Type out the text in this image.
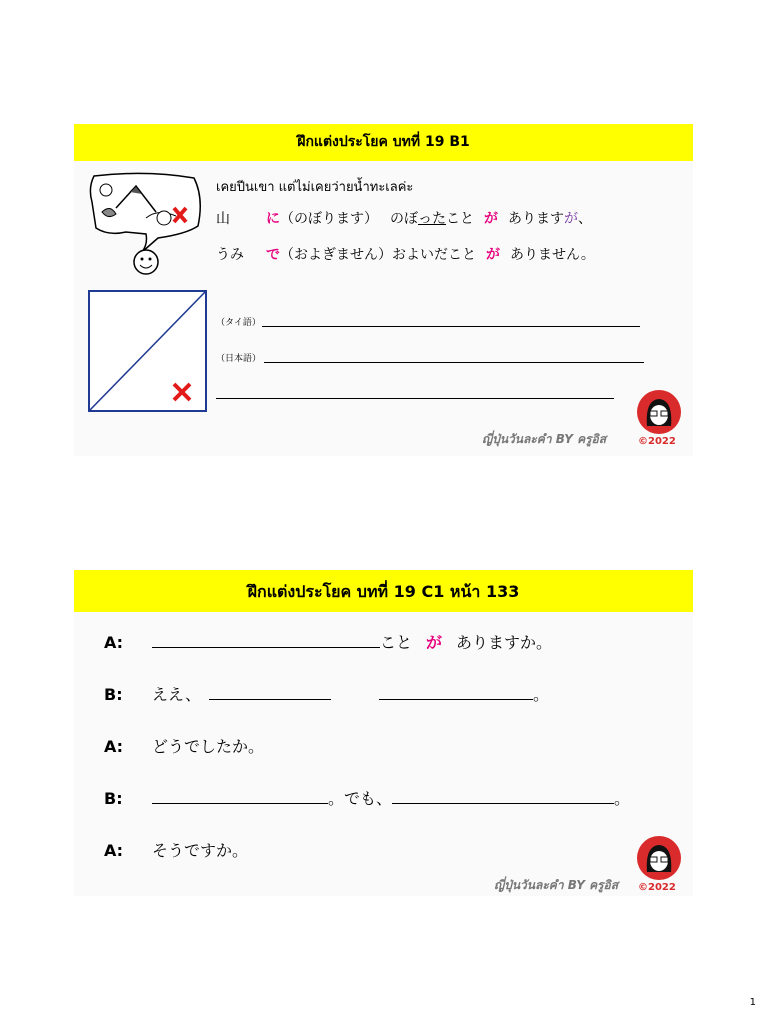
ฝึกแต่งประโยค บทที่ 19 B1
เคยปีนเขา แต่ไม่เคยว่ายน้ำทะเลค่ะ
山	に（のぼります） のぼったこと が ありますが、
うみ で（およぎません）およいだこと が ありません。
（タイ語）
（日本語）
ญี่ปุ่นวันละคำ BY ครูอิส	©2022
ฝึกแต่งประโยค บทที่ 19 C1 หน้า 133
A:	こと が ありますか。
B: ええ、	。
A: どうでしたか。
B:	。でも、	。
A: そうですか。
ญี่ปุ่นวันละคำ BY ครูอิส ©2022
1
